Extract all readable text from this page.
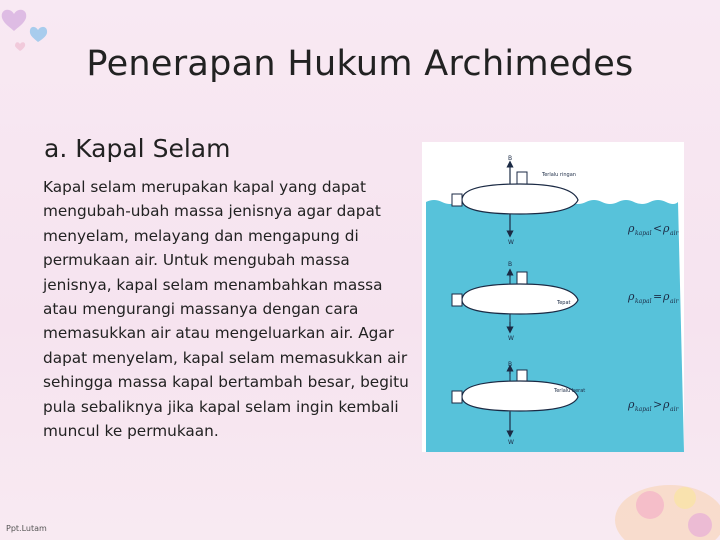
Penerapan Hukum Archimedes
a. Kapal Selam
Kapal selam merupakan kapal yang dapat mengubah-ubah massa jenisnya agar dapat menyelam, melayang dan mengapung di permukaan air. Untuk mengubah massa jenisnya, kapal selam menambahkan massa atau mengurangi massanya dengan cara memasukkan air atau mengeluarkan air. Agar dapat menyelam, kapal selam memasukkan air sehingga massa kapal bertambah besar, begitu pula sebaliknya jika kapal selam ingin kembali muncul ke permukaan.
B
W
Terlalu ringan
B
W
Tepat
B
W
Terlalu berat
ρ kapal < ρ air
ρ kapal = ρ air
ρ kapal > ρ air
Ppt.Lutam
